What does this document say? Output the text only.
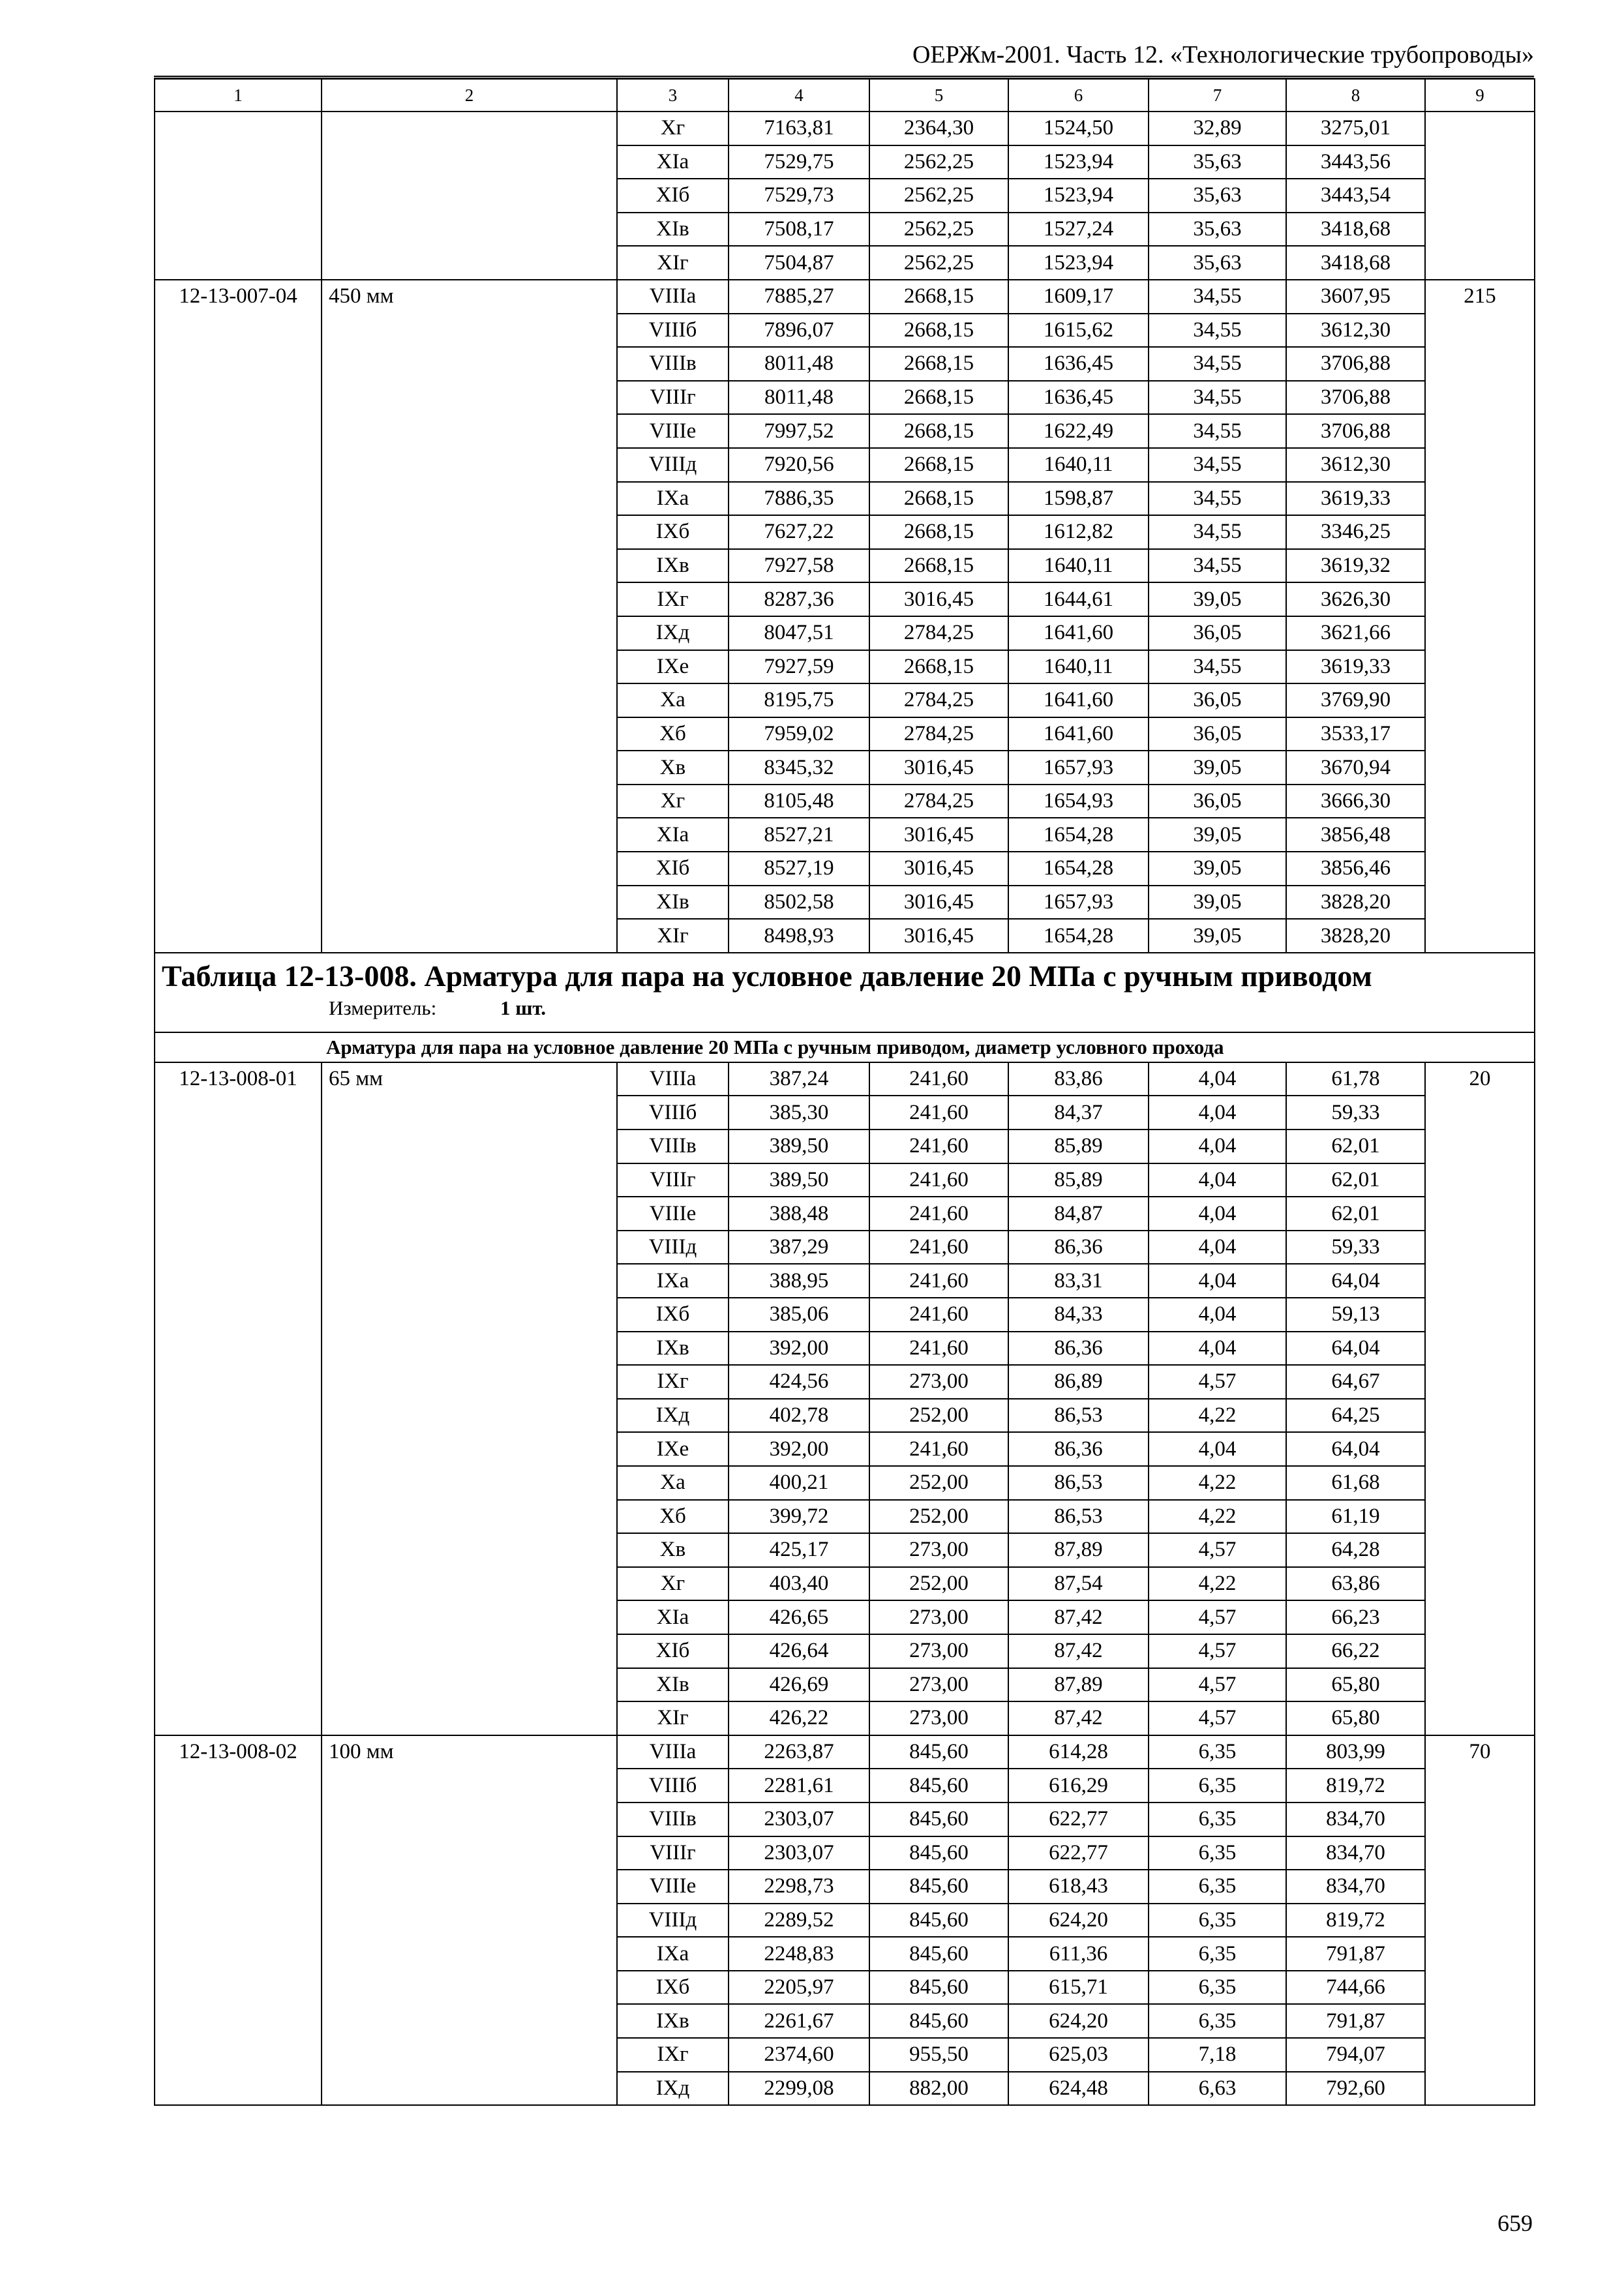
ОЕРЖм-2001. Часть 12. «Технологические трубопроводы»
1	2	3	4	5	6	7	8	9
		Xг	7163,81	2364,30	1524,50	32,89	3275,01	
		XIа	7529,75	2562,25	1523,94	35,63	3443,56	
		XIб	7529,73	2562,25	1523,94	35,63	3443,54	
		XIв	7508,17	2562,25	1527,24	35,63	3418,68	
		XIг	7504,87	2562,25	1523,94	35,63	3418,68	
12-13-007-04	450 мм	VIIIа	7885,27	2668,15	1609,17	34,55	3607,95	215
		VIIIб	7896,07	2668,15	1615,62	34,55	3612,30	
		VIIIв	8011,48	2668,15	1636,45	34,55	3706,88	
		VIIIг	8011,48	2668,15	1636,45	34,55	3706,88	
		VIIIе	7997,52	2668,15	1622,49	34,55	3706,88	
		VIIIд	7920,56	2668,15	1640,11	34,55	3612,30	
		IXа	7886,35	2668,15	1598,87	34,55	3619,33	
		IXб	7627,22	2668,15	1612,82	34,55	3346,25	
		IXв	7927,58	2668,15	1640,11	34,55	3619,32	
		IXг	8287,36	3016,45	1644,61	39,05	3626,30	
		IXд	8047,51	2784,25	1641,60	36,05	3621,66	
		IXе	7927,59	2668,15	1640,11	34,55	3619,33	
		Xа	8195,75	2784,25	1641,60	36,05	3769,90	
		Xб	7959,02	2784,25	1641,60	36,05	3533,17	
		Xв	8345,32	3016,45	1657,93	39,05	3670,94	
		Xг	8105,48	2784,25	1654,93	36,05	3666,30	
		XIа	8527,21	3016,45	1654,28	39,05	3856,48	
		XIб	8527,19	3016,45	1654,28	39,05	3856,46	
		XIв	8502,58	3016,45	1657,93	39,05	3828,20	
		XIг	8498,93	3016,45	1654,28	39,05	3828,20	

Таблица 12-13-008. Арматура для пара на условное давление 20 МПа с ручным приводом
Измеритель: 1 шт.								

Арматура для пара на условное давление 20 МПа с ручным приводом, диаметр условного прохода								
12-13-008-01	65 мм	VIIIа	387,24	241,60	83,86	4,04	61,78	20
		VIIIб	385,30	241,60	84,37	4,04	59,33	
		VIIIв	389,50	241,60	85,89	4,04	62,01	
		VIIIг	389,50	241,60	85,89	4,04	62,01	
		VIIIе	388,48	241,60	84,87	4,04	62,01	
		VIIIд	387,29	241,60	86,36	4,04	59,33	
		IXа	388,95	241,60	83,31	4,04	64,04	
		IXб	385,06	241,60	84,33	4,04	59,13	
		IXв	392,00	241,60	86,36	4,04	64,04	
		IXг	424,56	273,00	86,89	4,57	64,67	
		IXд	402,78	252,00	86,53	4,22	64,25	
		IXе	392,00	241,60	86,36	4,04	64,04	
		Xа	400,21	252,00	86,53	4,22	61,68	
		Xб	399,72	252,00	86,53	4,22	61,19	
		Xв	425,17	273,00	87,89	4,57	64,28	
		Xг	403,40	252,00	87,54	4,22	63,86	
		XIа	426,65	273,00	87,42	4,57	66,23	
		XIб	426,64	273,00	87,42	4,57	66,22	
		XIв	426,69	273,00	87,89	4,57	65,80	
		XIг	426,22	273,00	87,42	4,57	65,80	
12-13-008-02	100 мм	VIIIа	2263,87	845,60	614,28	6,35	803,99	70
		VIIIб	2281,61	845,60	616,29	6,35	819,72	
		VIIIв	2303,07	845,60	622,77	6,35	834,70	
		VIIIг	2303,07	845,60	622,77	6,35	834,70	
		VIIIе	2298,73	845,60	618,43	6,35	834,70	
		VIIIд	2289,52	845,60	624,20	6,35	819,72	
		IXа	2248,83	845,60	611,36	6,35	791,87	
		IXб	2205,97	845,60	615,71	6,35	744,66	
		IXв	2261,67	845,60	624,20	6,35	791,87	
		IXг	2374,60	955,50	625,03	7,18	794,07	
		IXд	2299,08	882,00	624,48	6,63	792,60	
659
